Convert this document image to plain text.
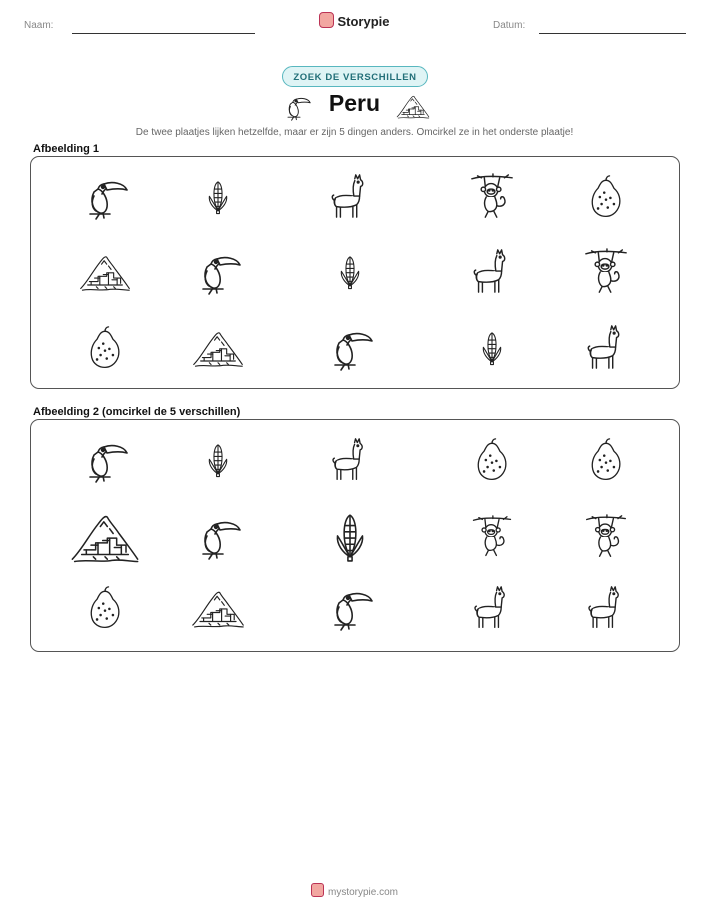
Naam:	Storypie	Datum:
ZOEK DE VERSCHILLEN
Peru
De twee plaatjes lijken hetzelfde, maar er zijn 5 dingen anders. Omcirkel ze in het onderste plaatje!
Afbeelding 1
Afbeelding 2 (omcirkel de 5 verschillen)
mystorypie.com
